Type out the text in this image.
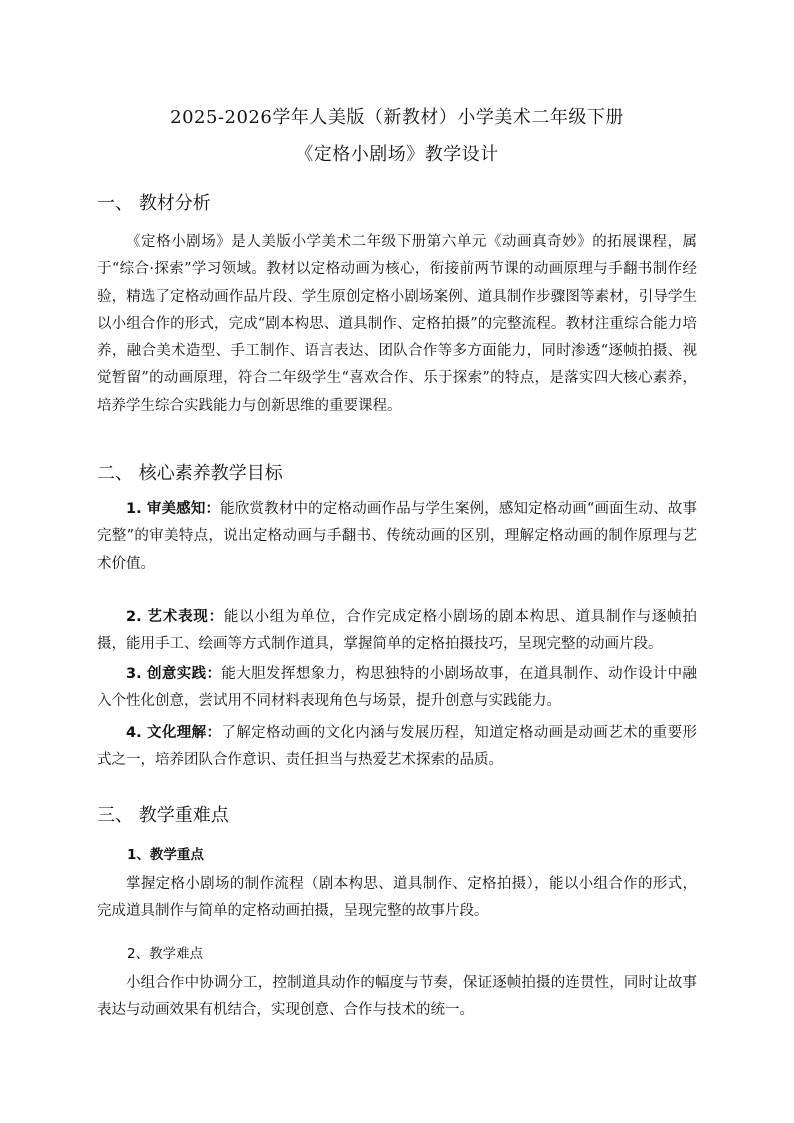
2025-2026学年人美版（新教材）小学美术二年级下册
《定格小剧场》教学设计
一、 教材分析
《定格小剧场》是人美版小学美术二年级下册第六单元《动画真奇妙》的拓展课程，属于“综合·探索”学习领域。教材以定格动画为核心，衔接前两节课的动画原理与手翻书制作经验，精选了定格动画作品片段、学生原创定格小剧场案例、道具制作步骤图等素材，引导学生以小组合作的形式，完成“剧本构思、道具制作、定格拍摄”的完整流程。教材注重综合能力培养，融合美术造型、手工制作、语言表达、团队合作等多方面能力，同时渗透“逐帧拍摄、视觉暂留”的动画原理，符合二年级学生“喜欢合作、乐于探索”的特点，是落实四大核心素养，培养学生综合实践能力与创新思维的重要课程。
二、 核心素养教学目标
1. 审美感知：能欣赏教材中的定格动画作品与学生案例，感知定格动画“画面生动、故事完整”的审美特点，说出定格动画与手翻书、传统动画的区别，理解定格动画的制作原理与艺术价值。
2. 艺术表现：能以小组为单位，合作完成定格小剧场的剧本构思、道具制作与逐帧拍摄，能用手工、绘画等方式制作道具，掌握简单的定格拍摄技巧，呈现完整的动画片段。
3. 创意实践：能大胆发挥想象力，构思独特的小剧场故事，在道具制作、动作设计中融入个性化创意，尝试用不同材料表现角色与场景，提升创意与实践能力。
4. 文化理解：了解定格动画的文化内涵与发展历程，知道定格动画是动画艺术的重要形式之一，培养团队合作意识、责任担当与热爱艺术探索的品质。
三、 教学重难点
1、教学重点
掌握定格小剧场的制作流程（剧本构思、道具制作、定格拍摄），能以小组合作的形式，完成道具制作与简单的定格动画拍摄，呈现完整的故事片段。
2、教学难点
小组合作中协调分工，控制道具动作的幅度与节奏，保证逐帧拍摄的连贯性，同时让故事表达与动画效果有机结合，实现创意、合作与技术的统一。
